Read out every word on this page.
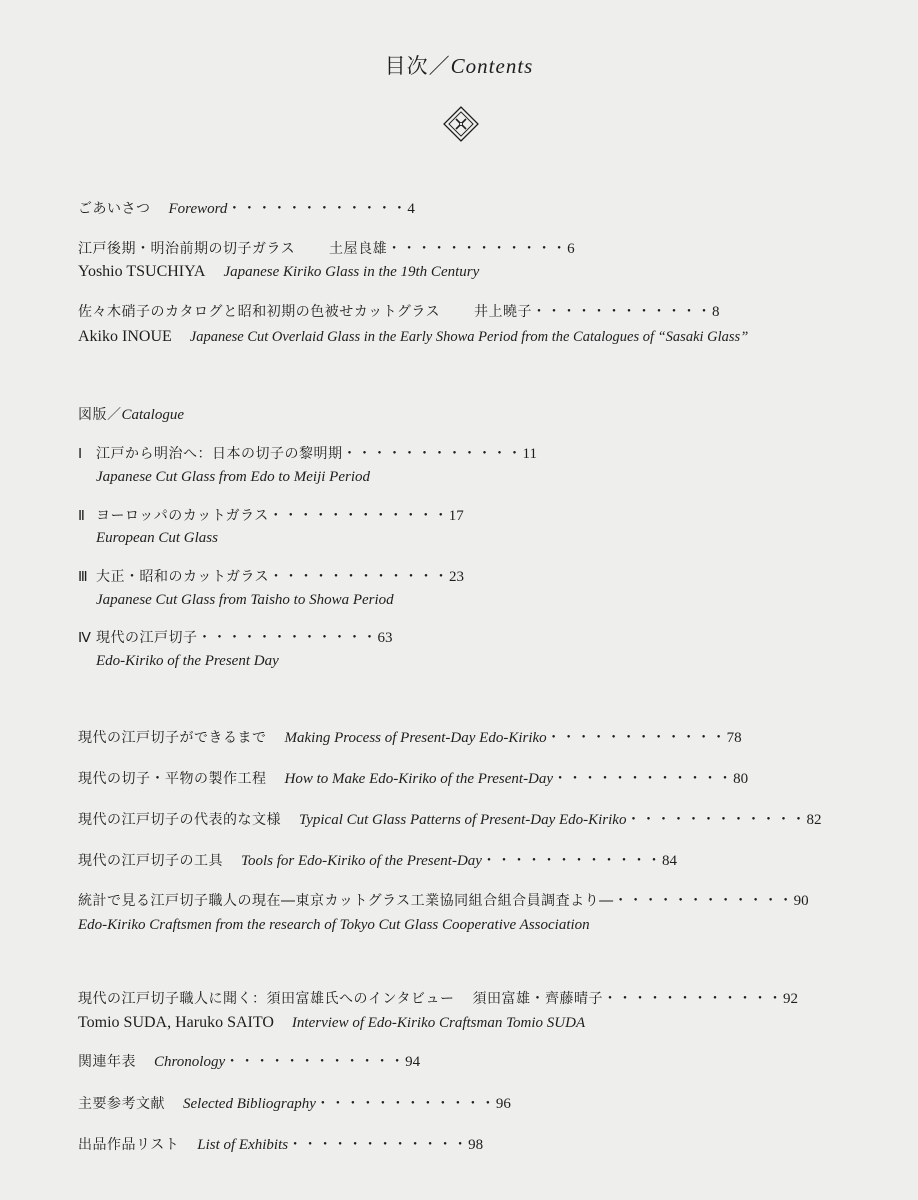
目次／Contents
ごあいさつ Foreword・・・・・・・・・・・・4
江戸後期・明治前期の切子ガラス 土屋良雄・・・・・・・・・・・・6
Yoshio TSUCHIYA Japanese Kiriko Glass in the 19th Century
佐々木硝子のカタログと昭和初期の色被せカットグラス 井上曉子・・・・・・・・・・・・8
Akiko INOUE Japanese Cut Overlaid Glass in the Early Showa Period from the Catalogues of “Sasaki Glass”
図版／Catalogue
Ⅰ 江戸から明治へ：日本の切子の黎明期・・・・・・・・・・・・11
Japanese Cut Glass from Edo to Meiji Period
Ⅱ ヨーロッパのカットガラス・・・・・・・・・・・・17
European Cut Glass
Ⅲ 大正・昭和のカットガラス・・・・・・・・・・・・23
Japanese Cut Glass from Taisho to Showa Period
Ⅳ 現代の江戸切子・・・・・・・・・・・・63
Edo-Kiriko of the Present Day
現代の江戸切子ができるまで Making Process of Present-Day Edo-Kiriko・・・・・・・・・・・・78
現代の切子・平物の製作工程 How to Make Edo-Kiriko of the Present-Day・・・・・・・・・・・・80
現代の江戸切子の代表的な文様 Typical Cut Glass Patterns of Present-Day Edo-Kiriko・・・・・・・・・・・・82
現代の江戸切子の工具 Tools for Edo-Kiriko of the Present-Day・・・・・・・・・・・・84
統計で見る江戸切子職人の現在―東京カットグラス工業協同組合組合員調査より―・・・・・・・・・・・・90
Edo-Kiriko Craftsmen from the research of Tokyo Cut Glass Cooperative Association
現代の江戸切子職人に聞く：須田富雄氏へのインタビュー 須田富雄・齊藤晴子・・・・・・・・・・・・92
Tomio SUDA, Haruko SAITO Interview of Edo-Kiriko Craftsman Tomio SUDA
関連年表 Chronology・・・・・・・・・・・・94
主要参考文献 Selected Bibliography・・・・・・・・・・・・96
出品作品リスト List of Exhibits・・・・・・・・・・・・98
